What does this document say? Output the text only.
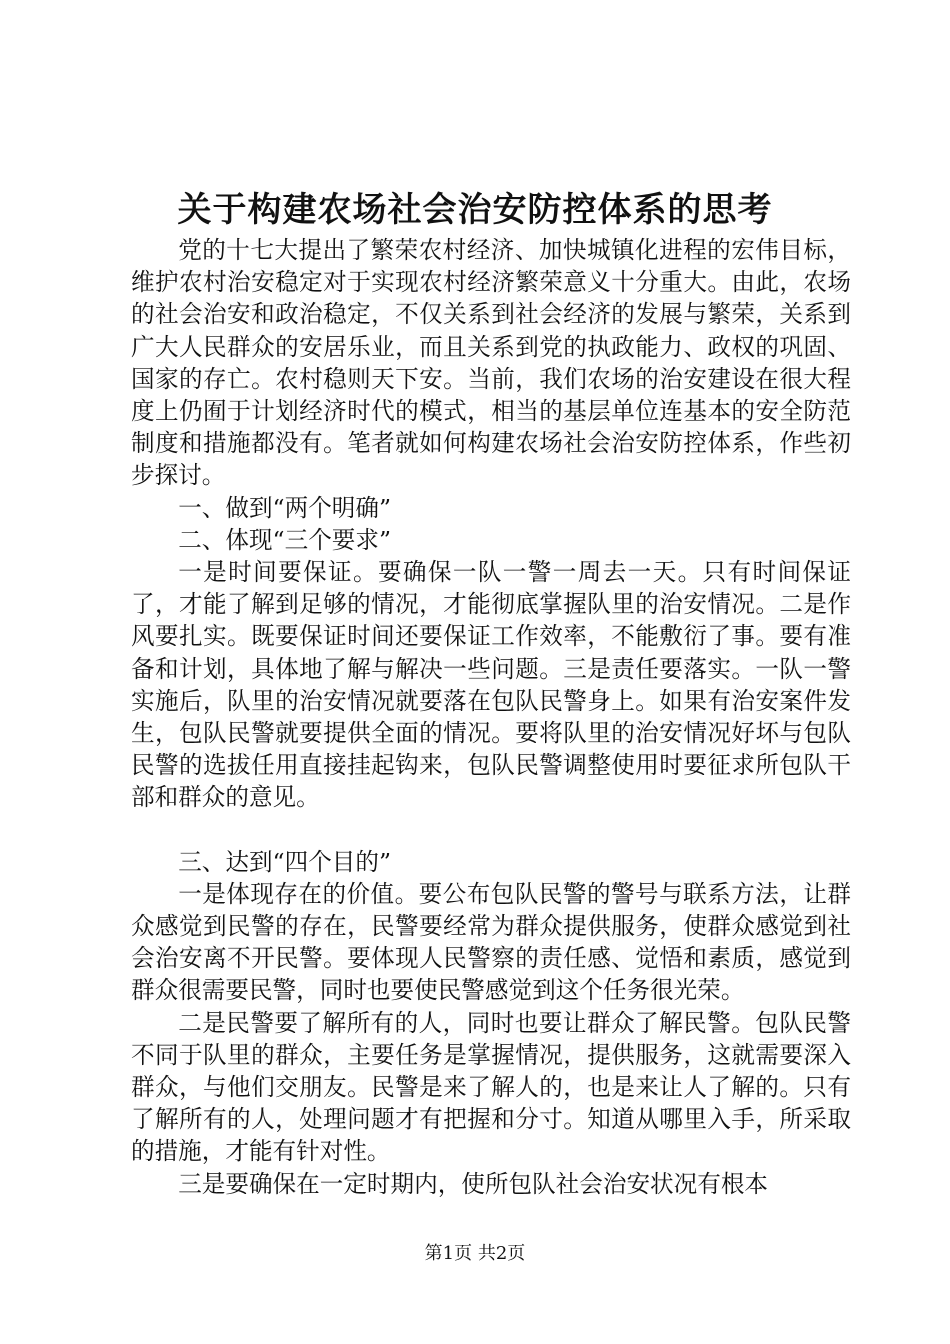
关于构建农场社会治安防控体系的思考

党的十七大提出了繁荣农村经济、加快城镇化进程的宏伟目标，维护农村治安稳定对于实现农村经济繁荣意义十分重大。由此，农场的社会治安和政治稳定，不仅关系到社会经济的发展与繁荣，关系到广大人民群众的安居乐业，而且关系到党的执政能力、政权的巩固、国家的存亡。农村稳则天下安。当前，我们农场的治安建设在很大程度上仍囿于计划经济时代的模式，相当的基层单位连基本的安全防范制度和措施都没有。笔者就如何构建农场社会治安防控体系，作些初步探讨。

一、做到“两个明确”

二、体现“三个要求”

一是时间要保证。要确保一队一警一周去一天。只有时间保证了，才能了解到足够的情况，才能彻底掌握队里的治安情况。二是作风要扎实。既要保证时间还要保证工作效率，不能敷衍了事。要有准备和计划，具体地了解与解决一些问题。三是责任要落实。一队一警实施后，队里的治安情况就要落在包队民警身上。如果有治安案件发生，包队民警就要提供全面的情况。要将队里的治安情况好坏与包队民警的选拔任用直接挂起钩来，包队民警调整使用时要征求所包队干部和群众的意见。

三、达到“四个目的”

一是体现存在的价值。要公布包队民警的警号与联系方法，让群众感觉到民警的存在，民警要经常为群众提供服务，使群众感觉到社会治安离不开民警。要体现人民警察的责任感、觉悟和素质，感觉到群众很需要民警，同时也要使民警感觉到这个任务很光荣。

二是民警要了解所有的人，同时也要让群众了解民警。包队民警不同于队里的群众，主要任务是掌握情况，提供服务，这就需要深入群众，与他们交朋友。民警是来了解人的，也是来让人了解的。只有了解所有的人，处理问题才有把握和分寸。知道从哪里入手，所采取的措施，才能有针对性。

三是要确保在一定时期内，使所包队社会治安状况有根本

第1页 共2页
